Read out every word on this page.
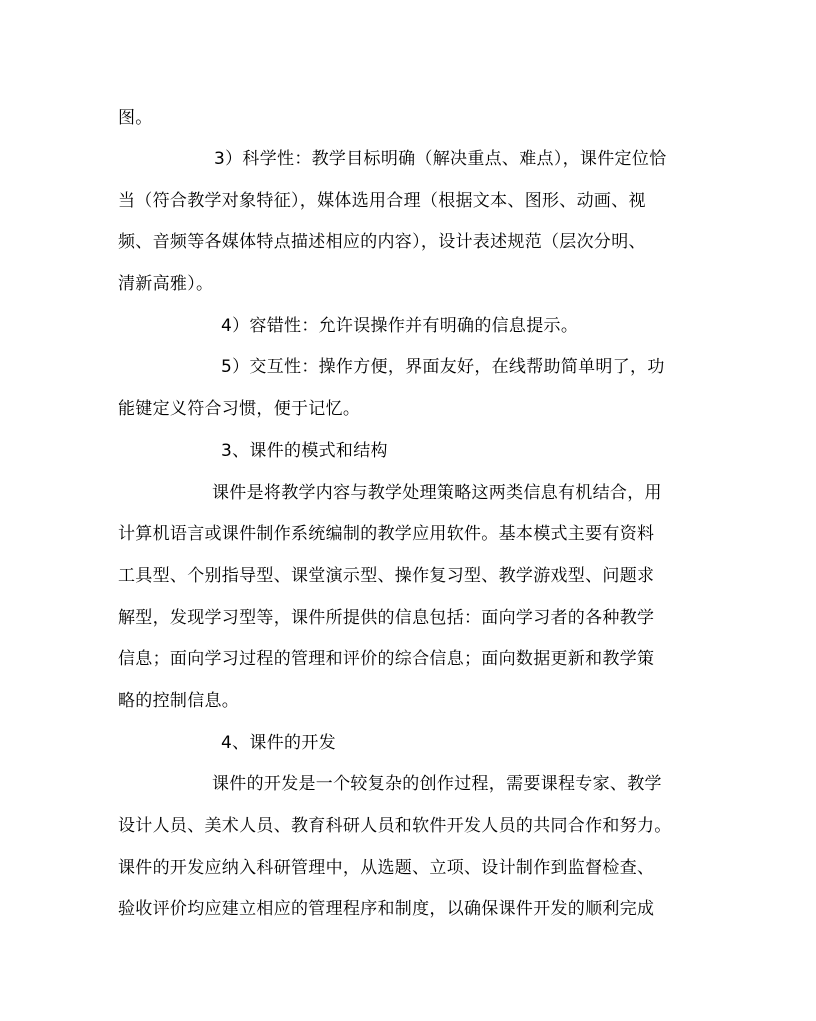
图。
3）科学性：教学目标明确（解决重点、难点），课件定位恰
当（符合教学对象特征），媒体选用合理（根据文本、图形、动画、视
频、音频等各媒体特点描述相应的内容），设计表述规范（层次分明、
清新高雅）。
4）容错性：允许误操作并有明确的信息提示。
5）交互性：操作方便，界面友好，在线帮助简单明了，功
能键定义符合习惯，便于记忆。
3、课件的模式和结构
课件是将教学内容与教学处理策略这两类信息有机结合，用
计算机语言或课件制作系统编制的教学应用软件。基本模式主要有资料
工具型、个别指导型、课堂演示型、操作复习型、教学游戏型、问题求
解型，发现学习型等，课件所提供的信息包括：面向学习者的各种教学
信息；面向学习过程的管理和评价的综合信息；面向数据更新和教学策
略的控制信息。
4、课件的开发
课件的开发是一个较复杂的创作过程，需要课程专家、教学
设计人员、美术人员、教育科研人员和软件开发人员的共同合作和努力。
课件的开发应纳入科研管理中，从选题、立项、设计制作到监督检查、
验收评价均应建立相应的管理程序和制度，以确保课件开发的顺利完成
